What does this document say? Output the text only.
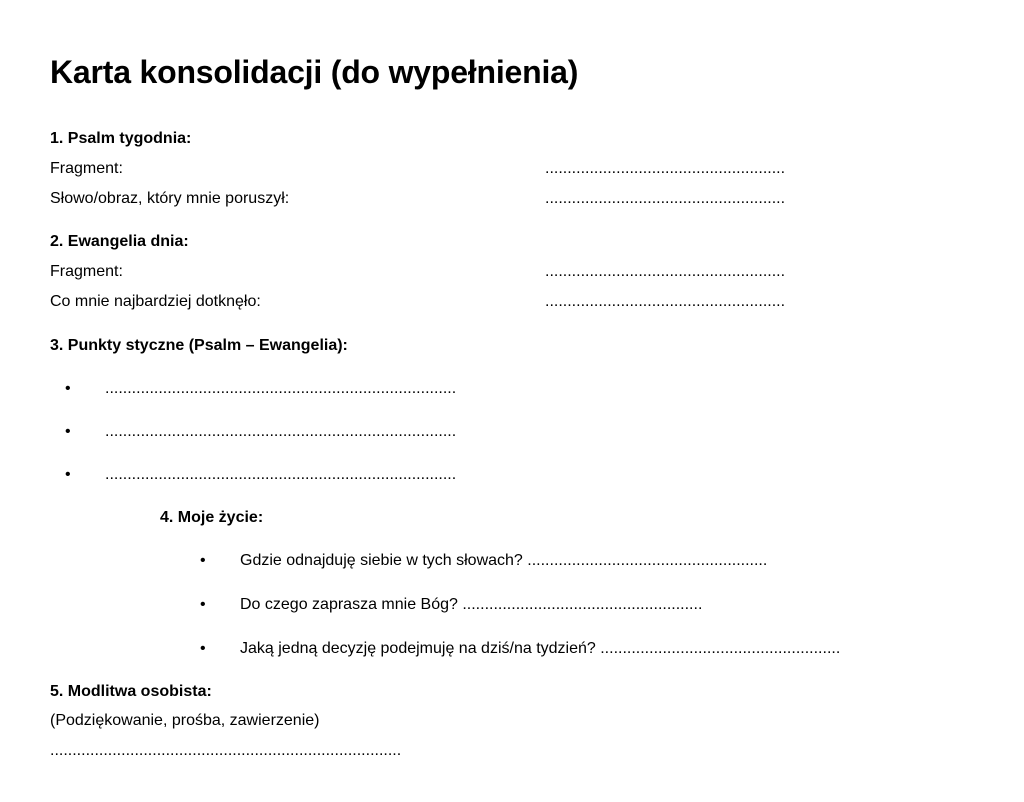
Karta konsolidacji (do wypełnienia)
1. Psalm tygodnia:
Fragment:	......................................................
Słowo/obraz, który mnie poruszył:	......................................................
2. Ewangelia dnia:
Fragment:	......................................................
Co mnie najbardziej dotknęło:	......................................................
3. Punkty styczne (Psalm – Ewangelia):
• ...............................................................................
• ...............................................................................
• ...............................................................................
4. Moje życie:
• Gdzie odnajduję siebie w tych słowach? ......................................................
• Do czego zaprasza mnie Bóg? ......................................................
• Jaką jedną decyzję podejmuję na dziś/na tydzień? ......................................................
5. Modlitwa osobista:
(Podziękowanie, prośba, zawierzenie)
...............................................................................
